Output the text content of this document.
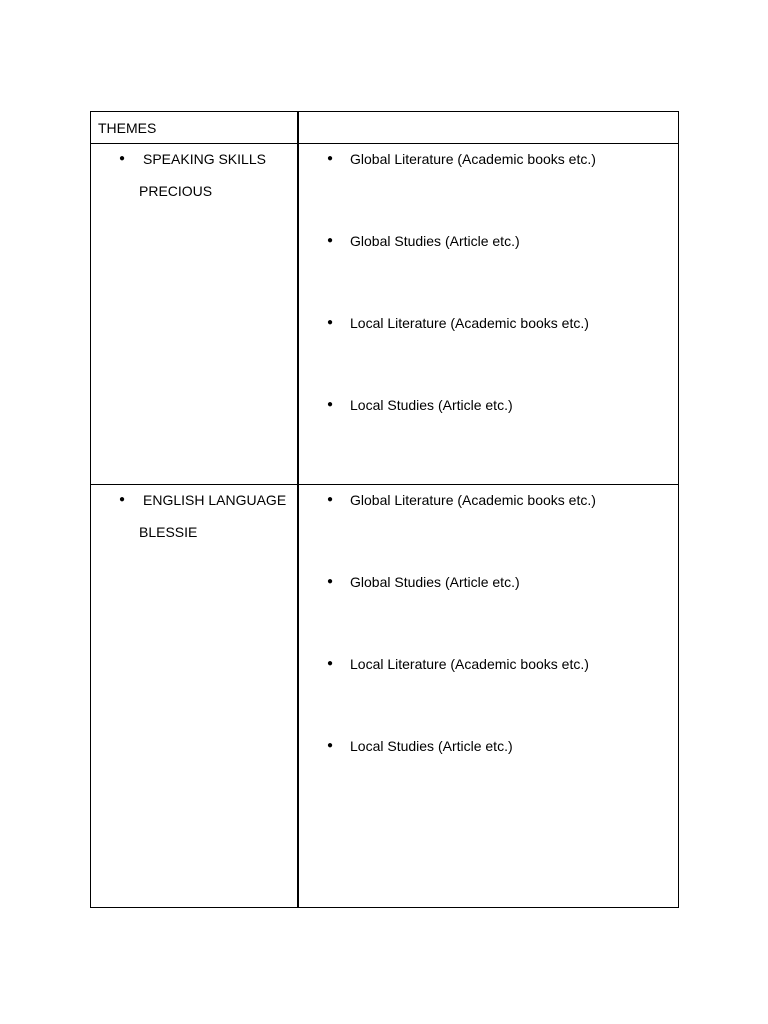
THEMES
● SPEAKING SKILLS
PRECIOUS
● Global Literature (Academic books etc.)
● Global Studies (Article etc.)
● Local Literature (Academic books etc.)
● Local Studies (Article etc.)
● ENGLISH LANGUAGE
BLESSIE
● Global Literature (Academic books etc.)
● Global Studies (Article etc.)
● Local Literature (Academic books etc.)
● Local Studies (Article etc.)
